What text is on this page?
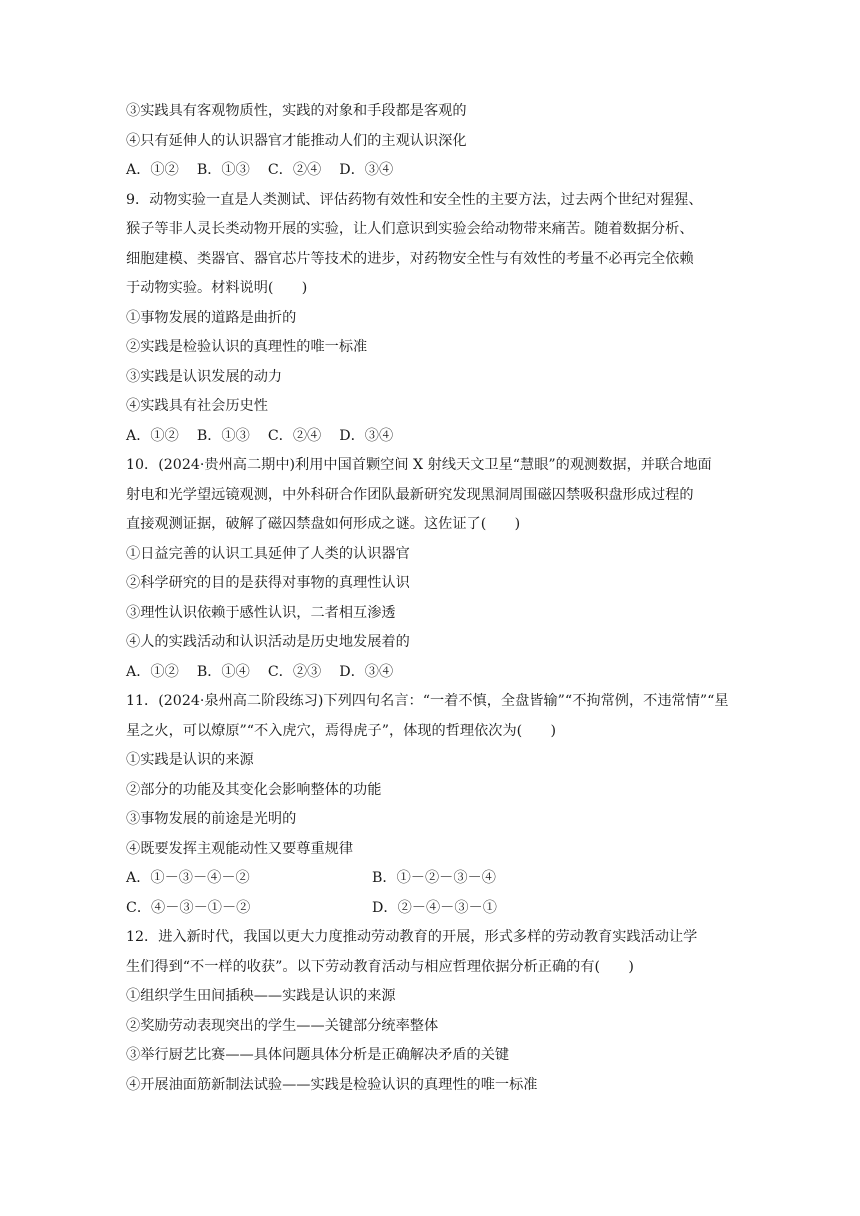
③实践具有客观物质性，实践的对象和手段都是客观的
④只有延伸人的认识器官才能推动人们的主观认识深化
A．①② B．①③ C．②④ D．③④
9．动物实验一直是人类测试、评估药物有效性和安全性的主要方法，过去两个世纪对猩猩、
猴子等非人灵长类动物开展的实验，让人们意识到实验会给动物带来痛苦。随着数据分析、
细胞建模、类器官、器官芯片等技术的进步，对药物安全性与有效性的考量不必再完全依赖
于动物实验。材料说明(　　)
①事物发展的道路是曲折的
②实践是检验认识的真理性的唯一标准
③实践是认识发展的动力
④实践具有社会历史性
A．①② B．①③ C．②④ D．③④
10．(2024·贵州高二期中)利用中国首颗空间 X 射线天文卫星“慧眼”的观测数据，并联合地面
射电和光学望远镜观测，中外科研合作团队最新研究发现黑洞周围磁囚禁吸积盘形成过程的
直接观测证据，破解了磁囚禁盘如何形成之谜。这佐证了(　　)
①日益完善的认识工具延伸了人类的认识器官
②科学研究的目的是获得对事物的真理性认识
③理性认识依赖于感性认识，二者相互渗透
④人的实践活动和认识活动是历史地发展着的
A．①② B．①④ C．②③ D．③④
11．(2024·泉州高二阶段练习)下列四句名言：“一着不慎，全盘皆输”“不拘常例，不违常情”“星
星之火，可以燎原”“不入虎穴，焉得虎子”，体现的哲理依次为(　　)
①实践是认识的来源
②部分的功能及其变化会影响整体的功能
③事物发展的前途是光明的
④既要发挥主观能动性又要尊重规律
A．①－③－④－②	B．①－②－③－④
C．④－③－①－②	D．②－④－③－①
12．进入新时代，我国以更大力度推动劳动教育的开展，形式多样的劳动教育实践活动让学
生们得到“不一样的收获”。以下劳动教育活动与相应哲理依据分析正确的有(　　)
①组织学生田间插秧——实践是认识的来源
②奖励劳动表现突出的学生——关键部分统率整体
③举行厨艺比赛——具体问题具体分析是正确解决矛盾的关键
④开展油面筋新制法试验——实践是检验认识的真理性的唯一标准
